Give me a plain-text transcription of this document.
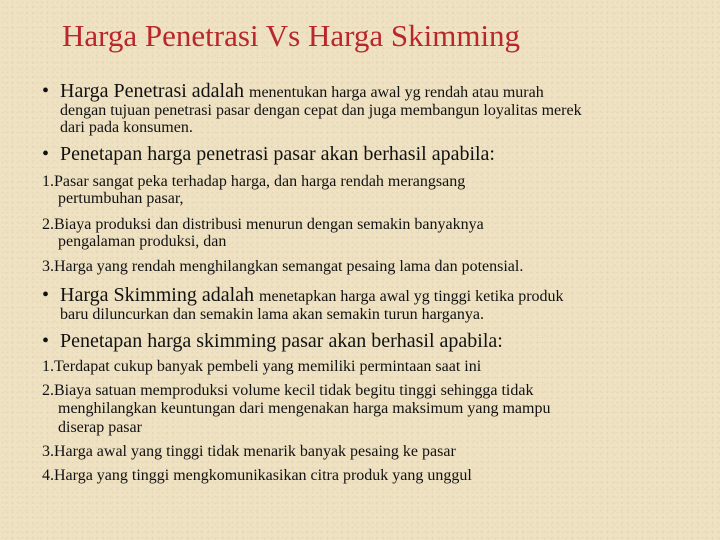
Harga Penetrasi Vs Harga Skimming
• Harga Penetrasi adalah menentukan harga awal yg rendah atau murah
dengan tujuan penetrasi pasar dengan cepat dan juga membangun loyalitas merek
dari pada konsumen.
• Penetapan harga penetrasi pasar akan berhasil apabila:
1.Pasar sangat peka terhadap harga, dan harga rendah merangsang
pertumbuhan pasar,
2.Biaya produksi dan distribusi menurun dengan semakin banyaknya
pengalaman produksi, dan
3.Harga yang rendah menghilangkan semangat pesaing lama dan potensial.
• Harga Skimming adalah menetapkan harga awal yg tinggi ketika produk
baru diluncurkan dan semakin lama akan semakin turun harganya.
• Penetapan harga skimming pasar akan berhasil apabila:
1.Terdapat cukup banyak pembeli yang memiliki permintaan saat ini
2.Biaya satuan memproduksi volume kecil tidak begitu tinggi sehingga tidak
menghilangkan keuntungan dari mengenakan harga maksimum yang mampu
diserap pasar
3.Harga awal yang tinggi tidak menarik banyak pesaing ke pasar
4.Harga yang tinggi mengkomunikasikan citra produk yang unggul
